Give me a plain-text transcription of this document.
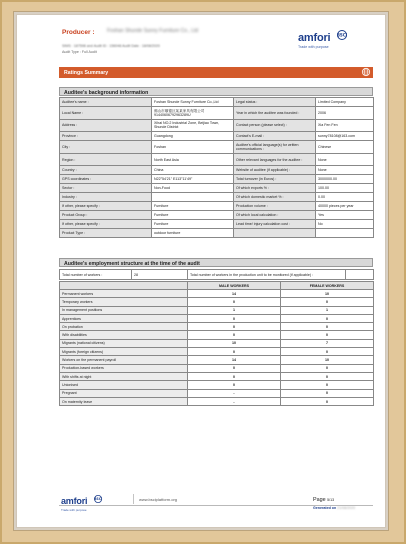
Producer : Foshan Shunde Sunny Furniture Co., Ltd
SIMS : 187598 and Audit ID : 156048 Audit Date : 18/08/2020
Audit Type : Full Audit
amfori BSCI
Trade with purpose
Ratings Summary
Auditee's background information
Auditee's name :	Foshan Shunde Sunny Furniture Co.,Ltd	Legal status :	Limited Company
Local Name :	佛山市顺德区某某家具有限公司 91440606792963289U	Year in which the auditee was founded :	2006
Address :	Xihai NO.2 Industrial Zone, Beijiao Town, Shunde District	Contact person (please select) :	Xia Fen Fen
Province :	Guangdong	Contact's E-mail :	sunny78108@163.com
City :	Foshan	Auditee's official language(s) for written communications :	Chinese
Region :	North East Asia	Other relevant languages for the auditee :	None
Country :	China	Website of auditee (if applicable) :	None
GPS coordinates :	N22°54'21" E113°11'49"	Total turnover (in Euros) :	3000000.00
Sector :	Non-Food	Of which exports % :	100.00
Industry :		Of which domestic market % :	0.00
If other, please specify :	Furniture	Production volume :	40000 pieces per year
Product Group :	Furniture	Of which local calculation :	Yes
If other, please specify :	Furniture	Lead time/ injury calculation cost :	No
Product Type :	outdoor furniture		
Auditee's employment structure at the time of the audit
Total number of workers :	28	Total number of workers in the production unit to be monitored (if applicable) :	
	MALE WORKERS	FEMALE WORKERS
Permanent workers	14	10
Temporary workers	0	0
In management positions	1	1
Apprentices	0	0
On probation	0	0
With disabilities	0	0
Migrants (national citizens)	10	7
Migrants (foreign citizens)	0	0
Workers on the permanent payroll	14	10
Production-based workers	0	0
With shifts at night	0	0
Unionised	0	0
Pregnant	-	0
On maternity leave	-	0
amfori BSCI
Trade with purpose
www.bsciplatform.org	Page 5/13
Generated on 21/08/2020
